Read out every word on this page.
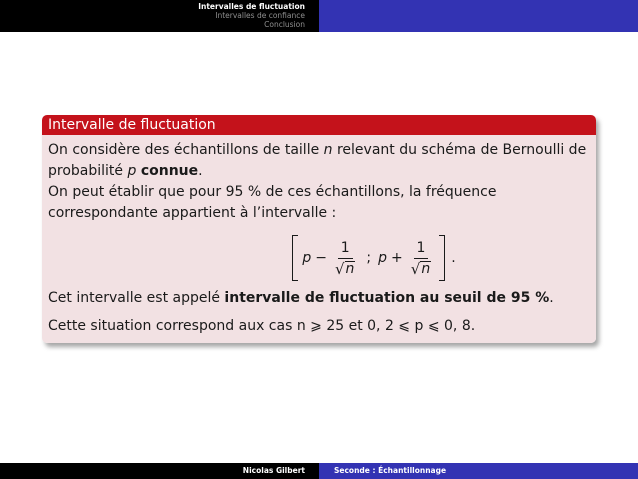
Intervalles de fluctuation
Intervalles de confiance
Conclusion
Intervalle de fluctuation

On considère des échantillons de taille n relevant du schéma de Bernoulli de probabilité p connue.

On peut établir que pour 95 % de ces échantillons, la fréquence correspondante appartient à l’intervalle :

$p - \frac{1}{√ n}$ ; $p + \frac{1}{√ n}$ .

Cet intervalle est appelé intervalle de fluctuation au seuil de 95 %.

Cette situation correspond aux cas n ⩾ 25 et 0, 2 ⩽ p ⩽ 0, 8.

Nicolas Gilbert	Seconde : Échantillonnage
